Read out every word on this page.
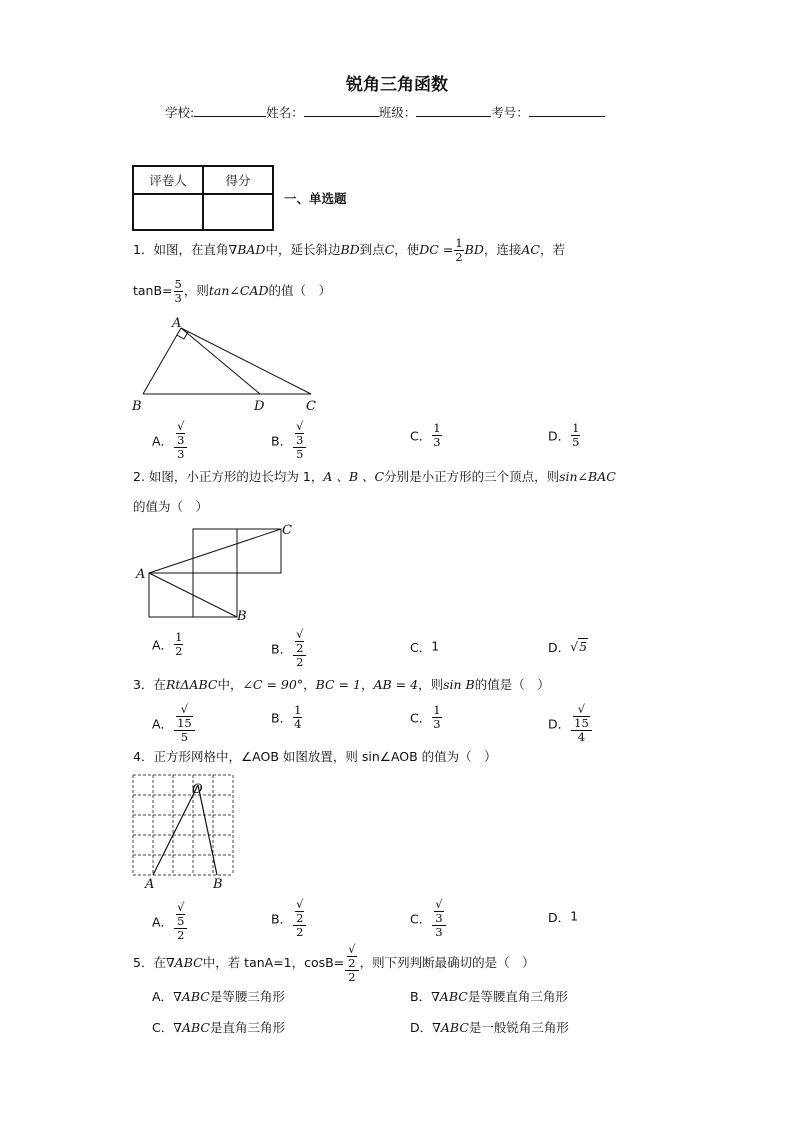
锐角三角函数
学校:	姓名：	班级：	考号：
评卷人	得分

一、单选题
1．如图，在直角∇BAD中，延长斜边BD到点C，使DC = $\frac{1}{2}$ BD，连接AC，若
$\tan B= \frac{5}{3}$ ，则tan∠CAD的值（　）
A
B	D	C
A． √
3
3	B． √
3
5	C． $\frac{1}{3}$	D． $\frac{1}{5}$
2. 如图，小正方形的边长均为 1，A 、B 、C分别是小正方形的三个顶点，则sin∠BAC
的值为（　）
A
B
C
A． $\frac{1}{2}$	B． √
2
2	C．1	D．√5
3．在RtΔABC中，∠C = 90°，BC = 1，AB = 4，则sin B的值是（　）
A． √
15
5	B． $\frac{1}{4}$	C． $\frac{1}{3}$	D． √
15
4
4．正方形网格中，∠AOB 如图放置，则 sin∠AOB 的值为（　）
O
A	B
A． √
5
2	B． √
2
2	C． √
3
3	D．1
5．在∇ABC中，若 tanA=1，cosB= √
2
2 ，则下列判断最确切的是（　）
A．∇ABC是等腰三角形	B．∇ABC是等腰直角三角形
C．∇ABC是直角三角形	D．∇ABC是一般锐角三角形
